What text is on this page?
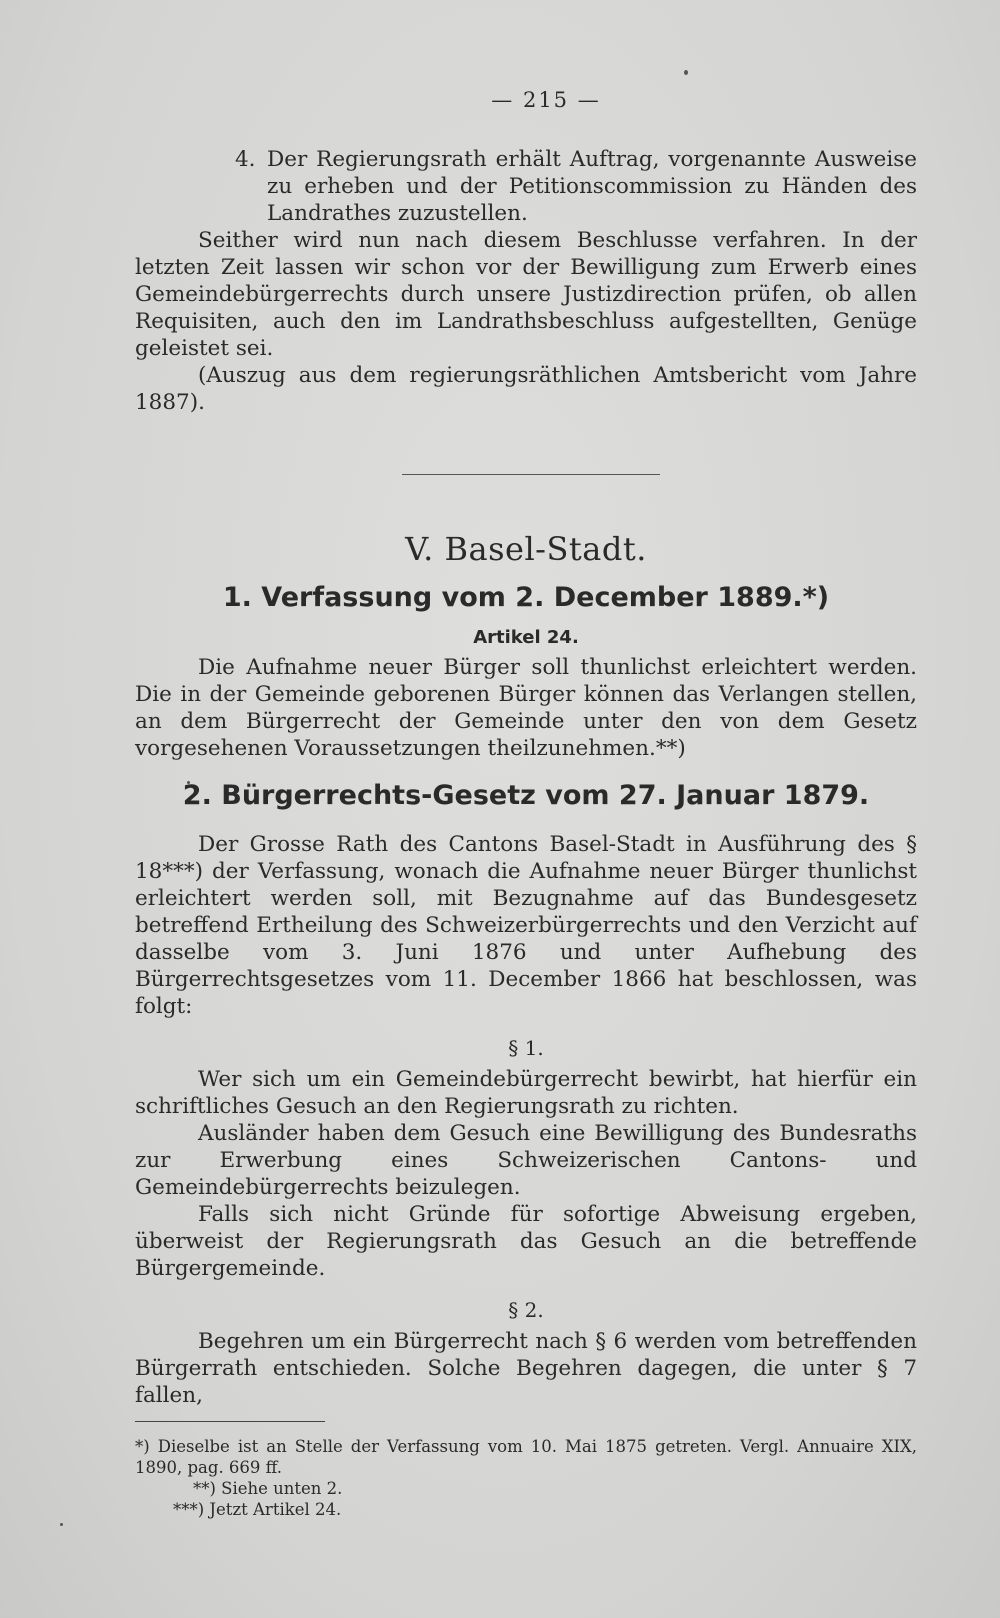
— 215 —

4. Der Regierungsrath erhält Auftrag, vorgenannte Ausweise zu erheben und der Petitionscommission zu Händen des Landrathes zuzustellen.

Seither wird nun nach diesem Beschlusse verfahren. In der letzten Zeit lassen wir schon vor der Bewilligung zum Erwerb eines Gemeindebürgerrechts durch unsere Justizdirection prüfen, ob allen Requisiten, auch den im Landrathsbeschluss aufgestellten, Genüge geleistet sei.

(Auszug aus dem regierungsräthlichen Amtsbericht vom Jahre 1887).

V. Basel-Stadt.
1. Verfassung vom 2. December 1889.*)
Artikel 24.

Die Aufnahme neuer Bürger soll thunlichst erleichtert werden. Die in der Gemeinde geborenen Bürger können das Verlangen stellen, an dem Bürgerrecht der Gemeinde unter den von dem Gesetz vorgesehenen Voraussetzungen theilzunehmen.**)

2. Bürgerrechts-Gesetz vom 27. Januar 1879.

Der Grosse Rath des Cantons Basel-Stadt in Ausführung des § 18***) der Verfassung, wonach die Aufnahme neuer Bürger thunlichst erleichtert werden soll, mit Bezugnahme auf das Bundesgesetz betreffend Ertheilung des Schweizerbürgerrechts und den Verzicht auf dasselbe vom 3. Juni 1876 und unter Aufhebung des Bürgerrechtsgesetzes vom 11. December 1866 hat beschlossen, was folgt:

§ 1.

Wer sich um ein Gemeindebürgerrecht bewirbt, hat hierfür ein schriftliches Gesuch an den Regierungsrath zu richten.

Ausländer haben dem Gesuch eine Bewilligung des Bundesraths zur Erwerbung eines Schweizerischen Cantons- und Gemeindebürgerrechts beizulegen.

Falls sich nicht Gründe für sofortige Abweisung ergeben, überweist der Regierungsrath das Gesuch an die betreffende Bürgergemeinde.

§ 2.

Begehren um ein Bürgerrecht nach § 6 werden vom betreffenden Bürgerrath entschieden. Solche Begehren dagegen, die unter § 7 fallen,

*) Dieselbe ist an Stelle der Verfassung vom 10. Mai 1875 getreten. Vergl. Annuaire XIX, 1890, pag. 669 ff.

**) Siehe unten 2.

***) Jetzt Artikel 24.
